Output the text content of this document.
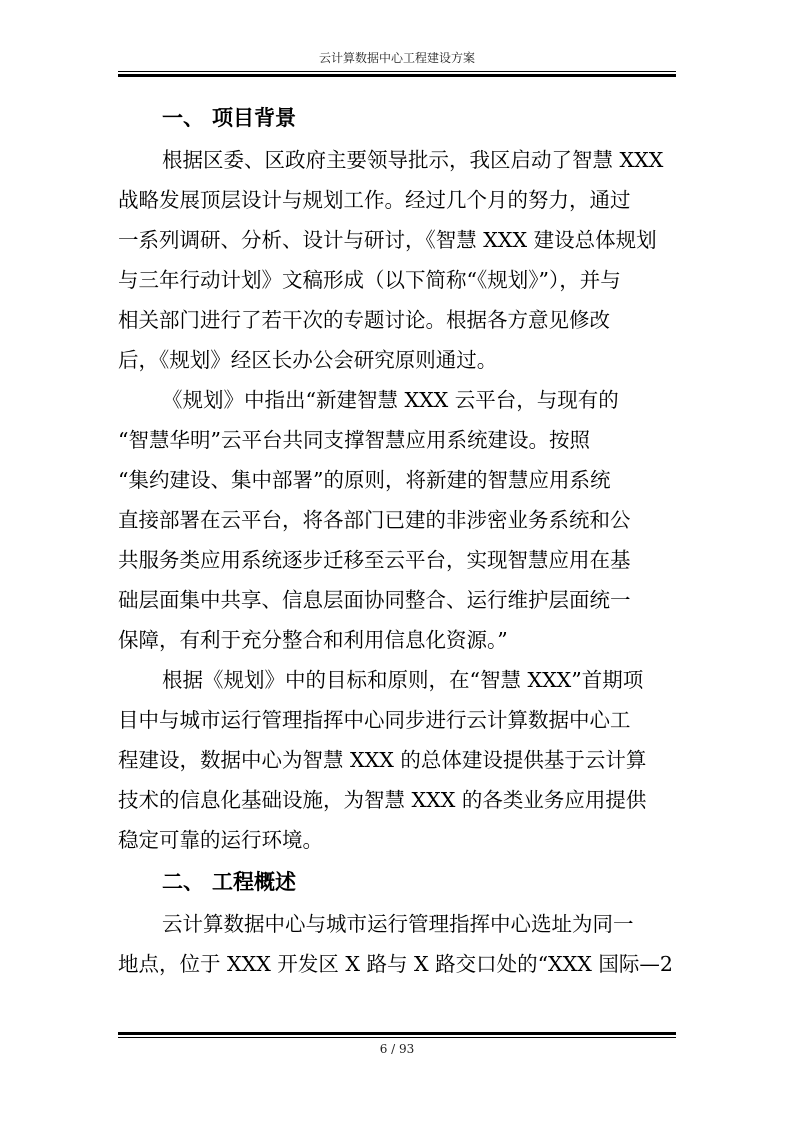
云计算数据中心工程建设方案
一、 项目背景

根据区委、区政府主要领导批示，我区启动了智慧 XXX
战略发展顶层设计与规划工作。经过几个月的努力，通过
一系列调研、分析、设计与研讨，《智慧 XXX 建设总体规划
与三年行动计划》文稿形成（以下简称“《规划》”），并与
相关部门进行了若干次的专题讨论。根据各方意见修改
后，《规划》经区长办公会研究原则通过。

《规划》中指出“新建智慧 XXX 云平台，与现有的
“智慧华明”云平台共同支撑智慧应用系统建设。按照
“集约建设、集中部署”的原则，将新建的智慧应用系统
直接部署在云平台，将各部门已建的非涉密业务系统和公
共服务类应用系统逐步迁移至云平台，实现智慧应用在基
础层面集中共享、信息层面协同整合、运行维护层面统一
保障，有利于充分整合和利用信息化资源。”

根据《规划》中的目标和原则，在“智慧 XXX”首期项
目中与城市运行管理指挥中心同步进行云计算数据中心工
程建设，数据中心为智慧 XXX 的总体建设提供基于云计算
技术的信息化基础设施，为智慧 XXX 的各类业务应用提供
稳定可靠的运行环境。

二、 工程概述

云计算数据中心与城市运行管理指挥中心选址为同一
地点，位于 XXX 开发区 X 路与 X 路交口处的“XXX 国际—2

6 / 93
